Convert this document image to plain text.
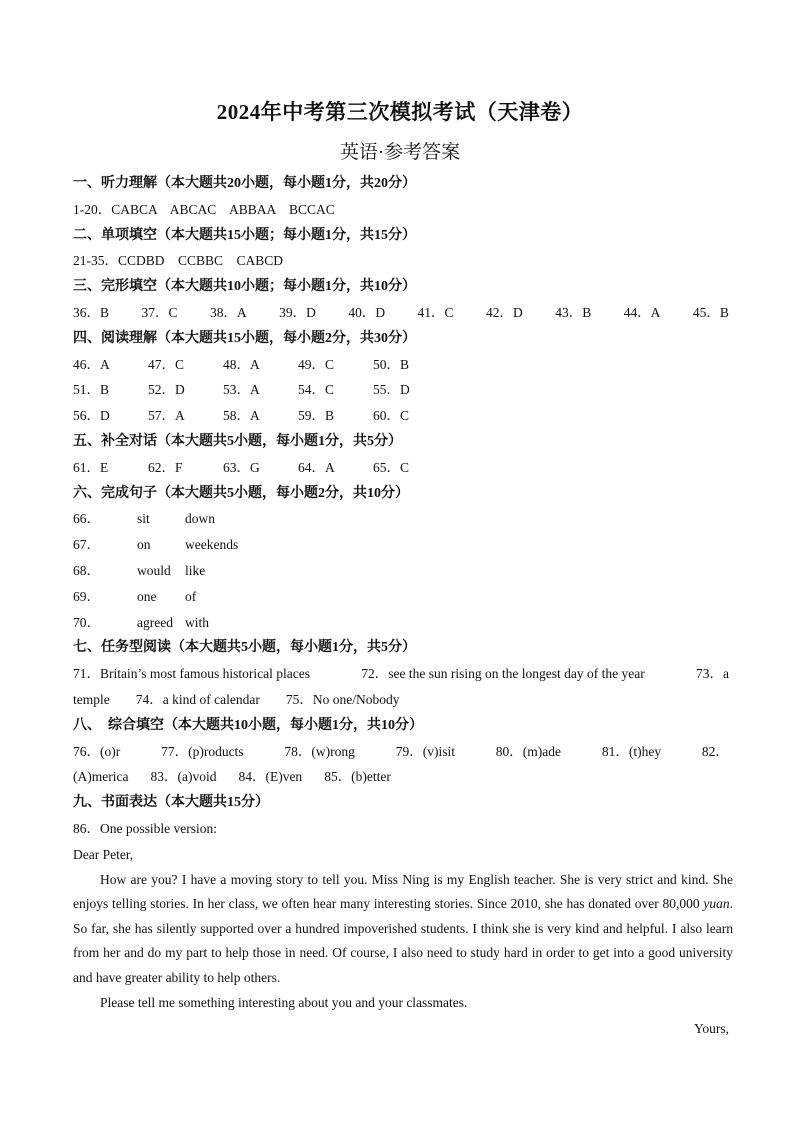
2024年中考第三次模拟考试（天津卷）
英语·参考答案
一、听力理解（本大题共20小题，每小题1分，共20分）
1-20．CABCA    ABCAC    ABBAA    BCCAC
二、单项填空（本大题共15小题；每小题1分，共15分）
21-35．CCDBD    CCBBC    CABCD
三、完形填空（本大题共10小题；每小题1分，共10分）
36．B 37．C 38．A 39．D 40．D 41．C 42．D 43．B 44．A 45．B
四、阅读理解（本大题共15小题，每小题2分，共30分）
46．A	47．C	48．A	49．C	50．B
51．B	52．D	53．A	54．C	55．D
56．D	57．A	58．A	59．B	60．C
五、补全对话（本大题共5小题，每小题1分，共5分）
61．E	62．F	63．G	64．A	65．C
六、完成句子（本大题共5小题，每小题2分，共10分）
66．	sit	down
67．	on	weekends
68．	would like
69．	one of
70．	agreed with
七、任务型阅读（本大题共5小题，每小题1分，共5分）
71．Britain’s most famous historical places	72．see the sun rising on the longest day of the year	73．a
temple 74．a kind of calendar 75．No one/Nobody
八、  综合填空（本大题共10小题，每小题1分，共10分）
76．(o)r	77．(p)roducts	78．(w)rong	79．(v)isit	80．(m)ade	81．(t)hey	82．
(A)merica 83．(a)void 84．(E)ven 85．(b)etter
九、书面表达（本大题共15分）
86．One possible version:
Dear Peter,
How are you? I have a moving story to tell you. Miss Ning is my English teacher. She is very strict and kind. She enjoys telling stories. In her class, we often hear many interesting stories. Since 2010, she has donated over 80,000 yuan. So far, she has silently supported over a hundred impoverished students. I think she is very kind and helpful. I also learn from her and do my part to help those in need. Of course, I also need to study hard in order to get into a good university and have greater ability to help others.
Please tell me something interesting about you and your classmates.
Yours,
